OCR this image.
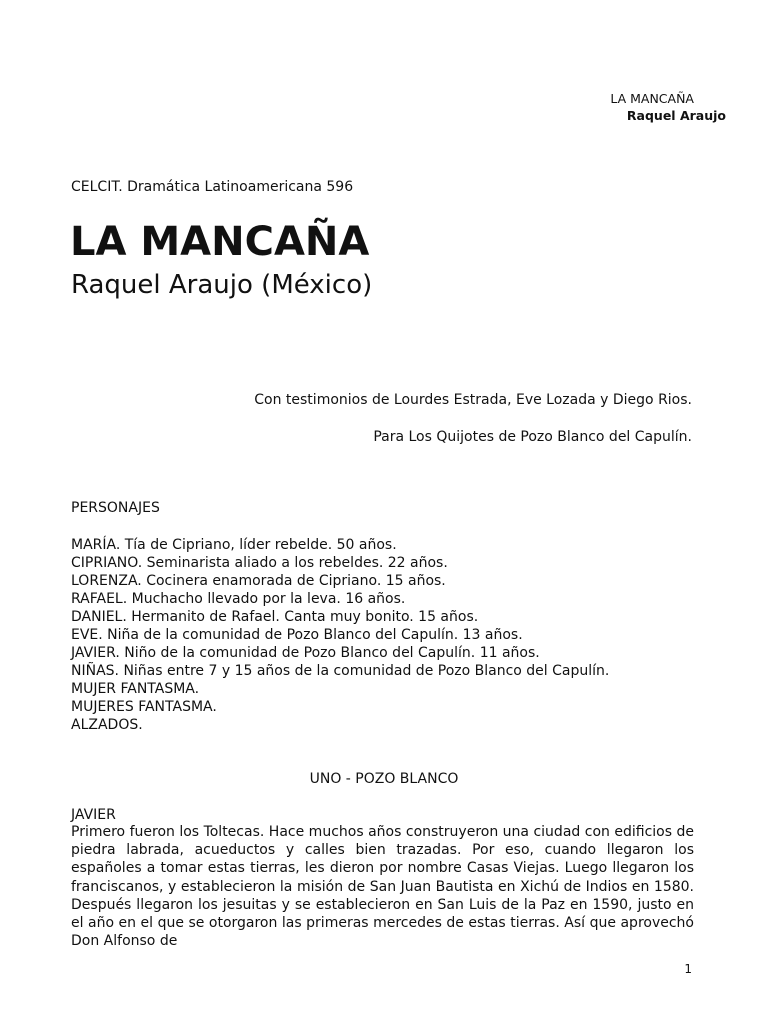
LA MANCAÑA
Raquel Araujo
CELCIT. Dramática Latinoamericana 596
LA MANCAÑA
Raquel Araujo (México)
Con testimonios de Lourdes Estrada, Eve Lozada y Diego Rios.
Para Los Quijotes de Pozo Blanco del Capulín.
PERSONAJES
MARÍA. Tía de Cipriano, líder rebelde. 50 años.
CIPRIANO. Seminarista aliado a los rebeldes. 22 años.
LORENZA. Cocinera enamorada de Cipriano. 15 años.
RAFAEL. Muchacho llevado por la leva. 16 años.
DANIEL. Hermanito de Rafael. Canta muy bonito. 15 años.
EVE. Niña de la comunidad de Pozo Blanco del Capulín. 13 años.
JAVIER. Niño de la comunidad de Pozo Blanco del Capulín. 11 años.
NIÑAS. Niñas entre 7 y 15 años de la comunidad de Pozo Blanco del Capulín.
MUJER FANTASMA.
MUJERES FANTASMA.
ALZADOS.
UNO - POZO BLANCO
JAVIER

Primero fueron los Toltecas. Hace muchos años construyeron una ciudad con edificios de piedra labrada, acueductos y calles bien trazadas. Por eso, cuando llegaron los españoles a tomar estas tierras, les dieron por nombre Casas Viejas. Luego llegaron los franciscanos, y establecieron la misión de San Juan Bautista en Xichú de Indios en 1580. Después llegaron los jesuitas y se establecieron en San Luis de la Paz en 1590, justo en el año en el que se otorgaron las primeras mercedes de estas tierras. Así que aprovechó Don Alfonso de

1
